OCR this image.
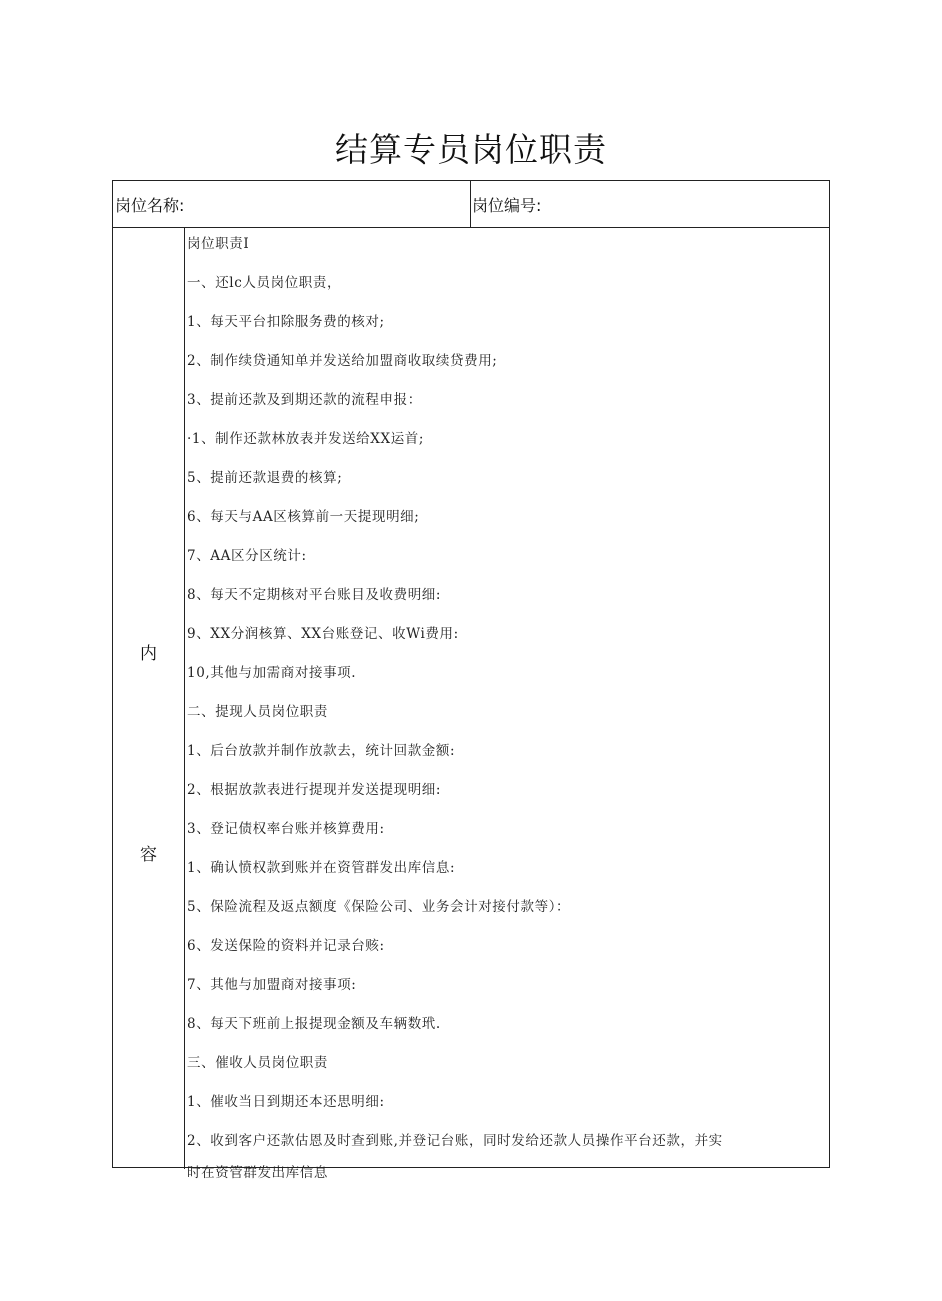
结算专员岗位职责
岗位名称:	岗位编号:
内
容
岗位职责I
一、还lc人员岗位职责，
1、每天平台扣除服务费的核对;
2、制作续贷通知单并发送给加盟商收取续贷费用;
3、提前还款及到期还款的流程申报：
·1、制作还款林放表并发送给XX运首;
5、提前还款退费的核算;
6、每天与AA区核算前一天提现明细;
7、AA区分区统计:
8、每天不定期核对平台账目及收费明细:
9、XX分润核算、XX台账登记、收Wi费用:
10,其他与加需商对接事项.
二、提现人员岗位职责
1、后台放款并制作放款去，统计回款金额:
2、根据放款表进行提现并发送提现明细:
3、登记债权率台账并核算费用:
1、确认愤权款到账并在资管群发出库信息:
5、保险流程及返点额度《保险公司、业务会计对接付款等）：
6、发送保险的资料并记录台赅:
7、其他与加盟商对接事项:
8、每天下班前上报提现金额及车辆数玳.
三、催收人员岗位职责
1、催收当日到期还本还思明细:
2、收到客户还款估恩及时查到账,并登记台账，同时发给还款人员操作平台还款，并实
时在资管群发出库信息
